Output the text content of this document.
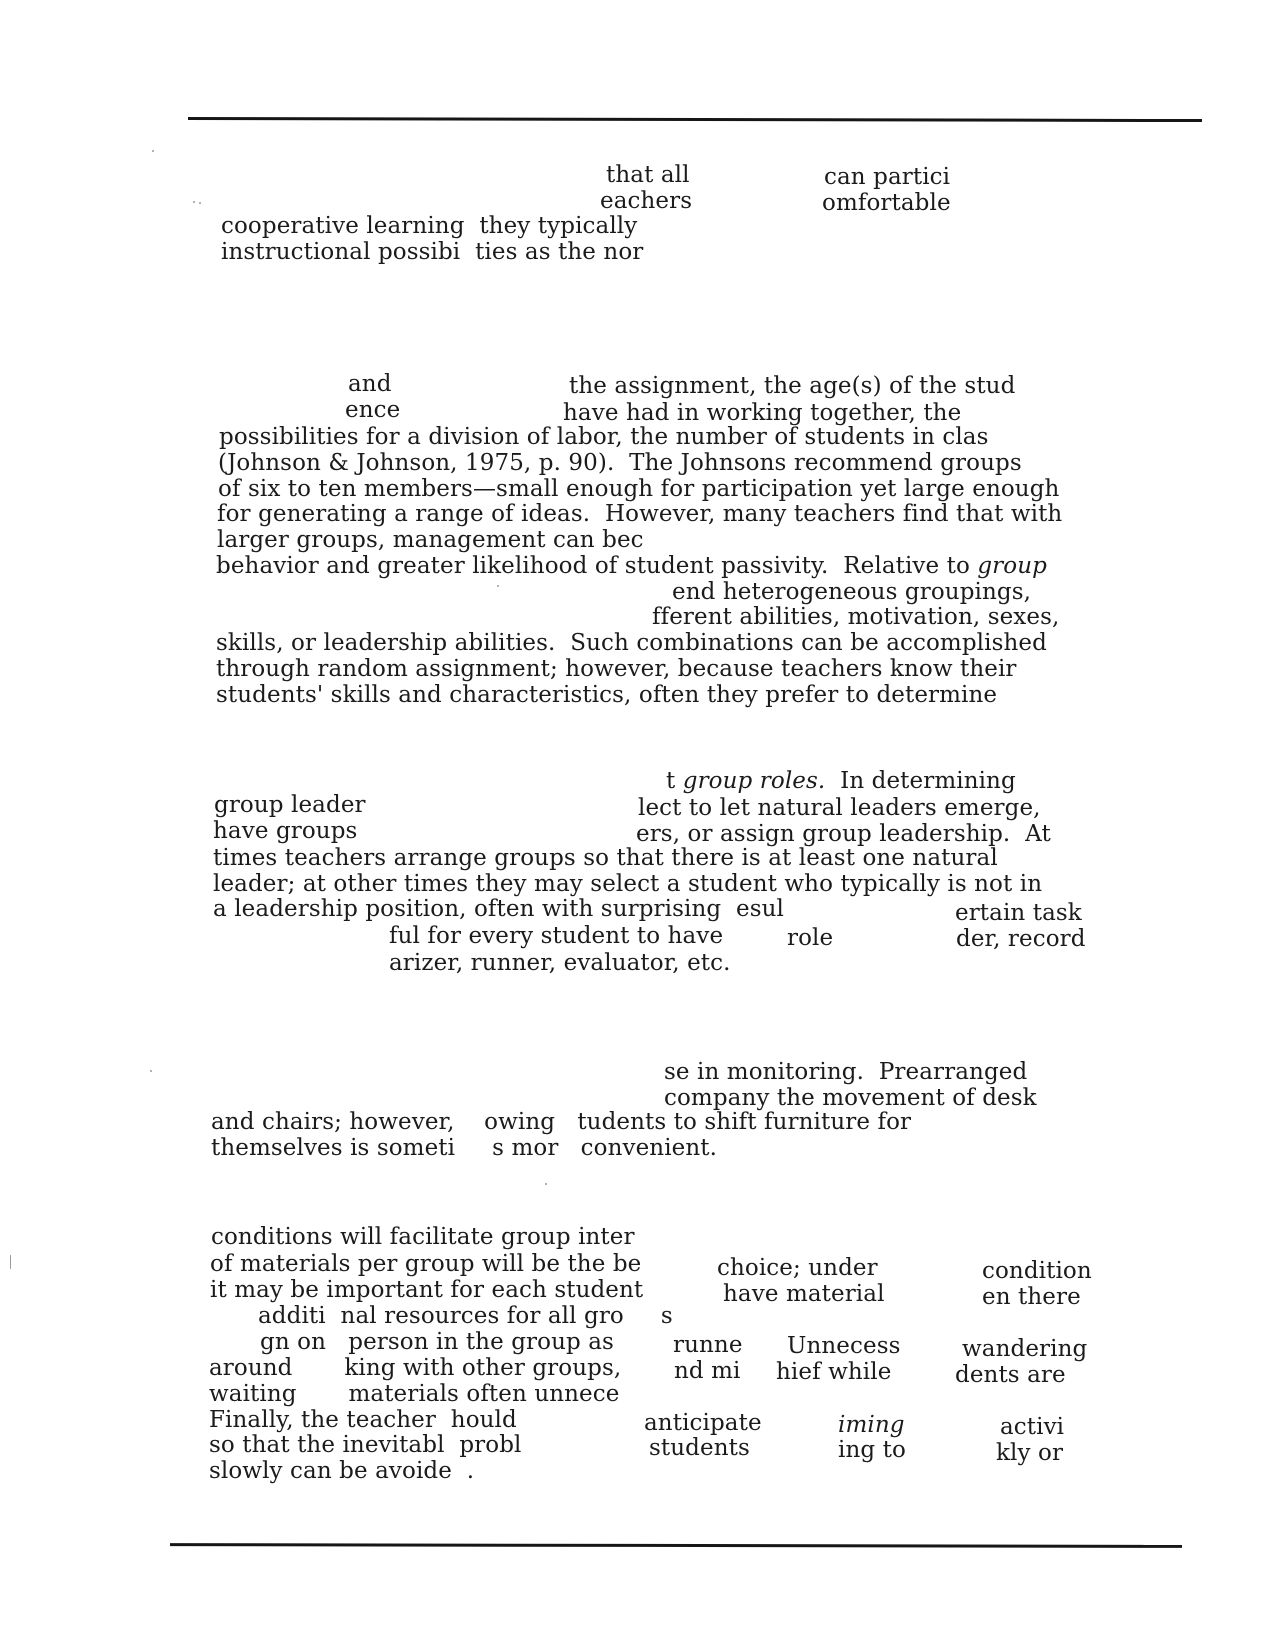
that all	can partici
eachers	omfortable
cooperative learning  they typically
instructional possibi  ties as the nor
and	the assignment, the age(s) of the stud
ence	have had in working together, the
possibilities for a division of labor, the number of students in clas
(Johnson & Johnson, 1975, p. 90).  The Johnsons recommend groups
of six to ten members—small enough for participation yet large enough
for generating a range of ideas.  However, many teachers find that with
larger groups, management can bec
behavior and greater likelihood of student passivity.  Relative to group
end heterogeneous groupings,
fferent abilities, motivation, sexes,
skills, or leadership abilities.  Such combinations can be accomplished
through random assignment; however, because teachers know their
students' skills and characteristics, often they prefer to determine
t group roles.  In determining
group leader	lect to let natural leaders emerge,
have groups	ers, or assign group leadership.  At
times teachers arrange groups so that there is at least one natural
leader; at other times they may select a student who typically is not in
a leadership position, often with surprising  esul	ertain task
ful for every student to have	role	der, record
arizer, runner, evaluator, etc.
se in monitoring.  Prearranged
company the movement of desk
and chairs; however,    owing   tudents to shift furniture for
themselves is someti     s mor   convenient.
conditions will facilitate group inter
of materials per group will be the be	choice; under	condition
it may be important for each student	have material	en there
additi  nal resources for all gro     s
gn on   person in the group as	runne Unnecess	wandering
around       king with other groups, nd mi hief while	dents are
waiting       materials often unnece
Finally, the teacher  hould	anticipate	iming	activi
so that the inevitabl  probl	students	ing to	kly or
slowly can be avoide  .
